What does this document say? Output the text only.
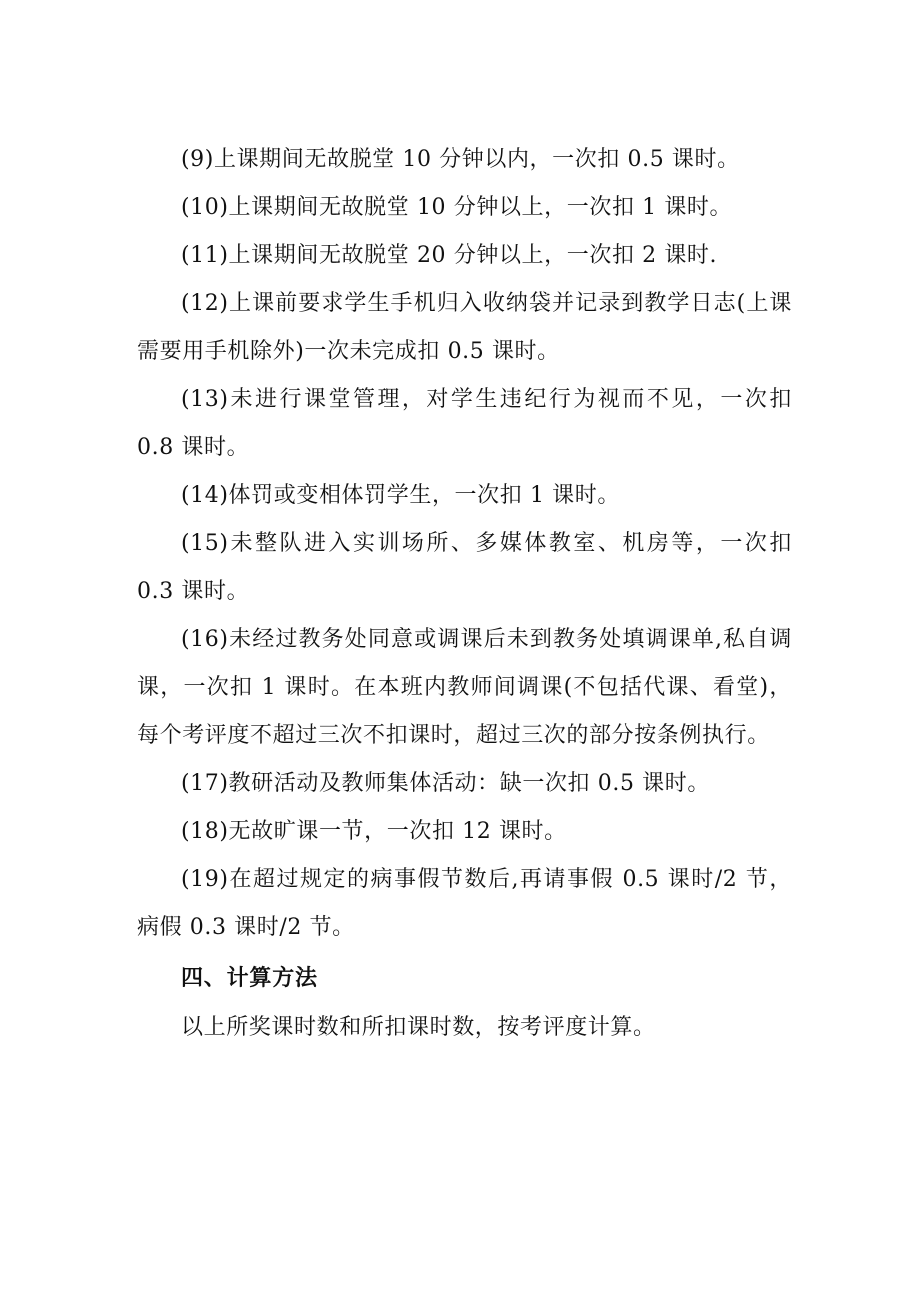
(9)上课期间无故脱堂 10 分钟以内，一次扣 0.5 课时。

(10)上课期间无故脱堂 10 分钟以上，一次扣 1 课时。

(11)上课期间无故脱堂 20 分钟以上，一次扣 2 课时.

(12)上课前要求学生手机归入收纳袋并记录到教学日志(上课需要用手机除外)一次未完成扣 0.5 课时。

(13)未进行课堂管理，对学生违纪行为视而不见，一次扣 0.8 课时。

(14)体罚或变相体罚学生，一次扣 1 课时。

(15)未整队进入实训场所、多媒体教室、机房等，一次扣 0.3 课时。

(16)未经过教务处同意或调课后未到教务处填调课单,私自调课，一次扣 1 课时。在本班内教师间调课(不包括代课、看堂)，每个考评度不超过三次不扣课时，超过三次的部分按条例执行。

(17)教研活动及教师集体活动：缺一次扣 0.5 课时。

(18)无故旷课一节，一次扣 12 课时。

(19)在超过规定的病事假节数后,再请事假 0.5 课时/2 节，病假 0.3 课时/2 节。

四、计算方法

以上所奖课时数和所扣课时数，按考评度计算。
